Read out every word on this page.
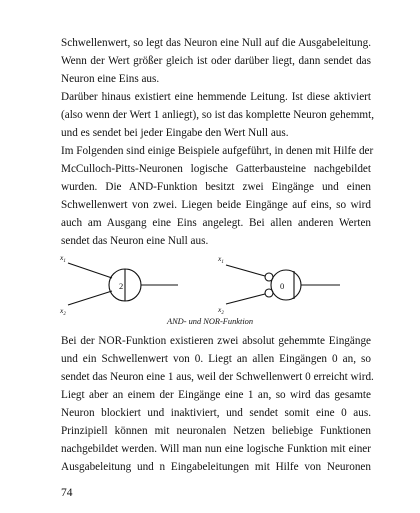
Schwellenwert, so legt das Neuron eine Null auf die Ausgabeleitung.
Wenn der Wert größer gleich ist oder darüber liegt, dann sendet das
Neuron eine Eins aus.
Darüber hinaus existiert eine hemmende Leitung. Ist diese aktiviert
(also wenn der Wert 1 anliegt), so ist das komplette Neuron gehemmt,
und es sendet bei jeder Eingabe den Wert Null aus.
Im Folgenden sind einige Beispiele aufgeführt, in denen mit Hilfe der
McCulloch-Pitts-Neuronen logische Gatterbausteine nachgebildet
wurden. Die AND-Funktion besitzt zwei Eingänge und einen
Schwellenwert von zwei. Liegen beide Eingänge auf eins, so wird
auch am Ausgang eine Eins angelegt. Bei allen anderen Werten
sendet das Neuron eine Null aus.
$x_1$
$x_2$
2
$x_1$
$x_2$
0
AND- und NOR-Funktion
Bei der NOR-Funktion existieren zwei absolut gehemmte Eingänge
und ein Schwellenwert von 0. Liegt an allen Eingängen 0 an, so
sendet das Neuron eine 1 aus, weil der Schwellenwert 0 erreicht wird.
Liegt aber an einem der Eingänge eine 1 an, so wird das gesamte
Neuron blockiert und inaktiviert, und sendet somit eine 0 aus.
Prinzipiell können mit neuronalen Netzen beliebige Funktionen
nachgebildet werden. Will man nun eine logische Funktion mit einer
Ausgabeleitung und n Eingabeleitungen mit Hilfe von Neuronen
74
